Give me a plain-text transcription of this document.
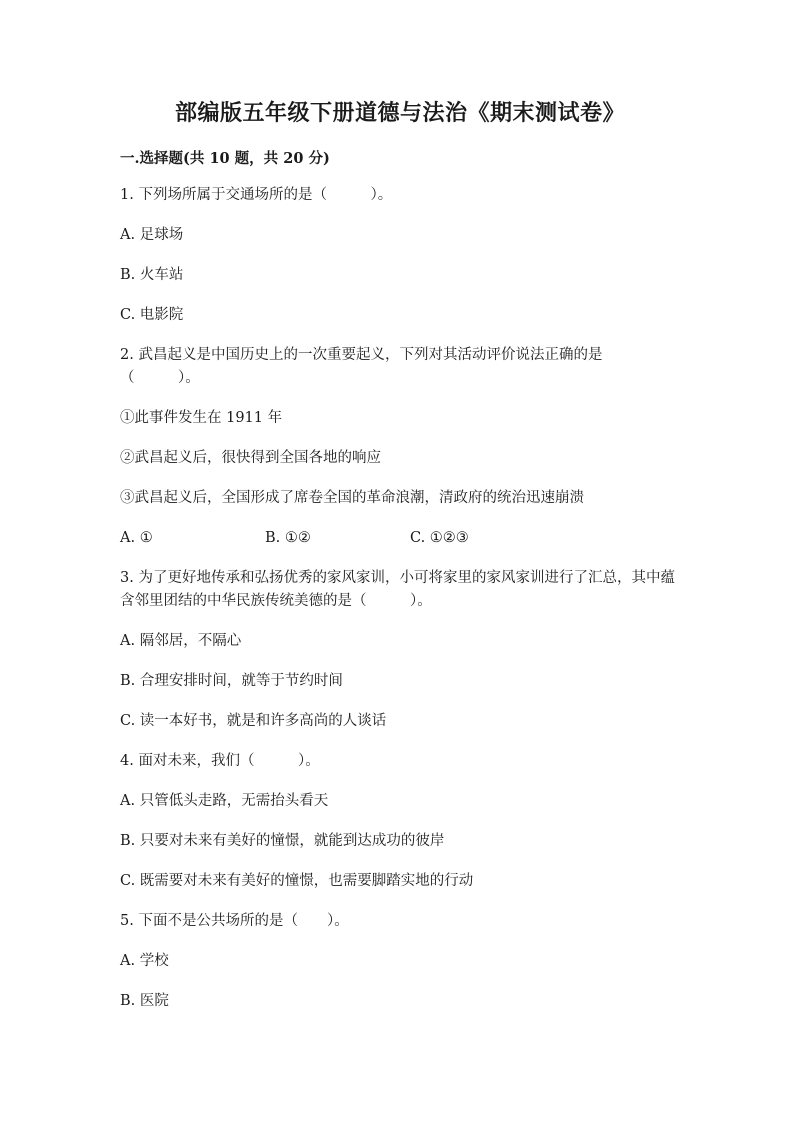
部编版五年级下册道德与法治《期末测试卷》
一.选择题(共 10 题，共 20 分)
1. 下列场所属于交通场所的是（　　　）。
A. 足球场
B. 火车站
C. 电影院
2. 武昌起义是中国历史上的一次重要起义，下列对其活动评价说法正确的是（　　　）。
①此事件发生在 1911 年
②武昌起义后，很快得到全国各地的响应
③武昌起义后，全国形成了席卷全国的革命浪潮，清政府的统治迅速崩溃
A. ①	B. ①②	C. ①②③
3. 为了更好地传承和弘扬优秀的家风家训，小可将家里的家风家训进行了汇总，其中蕴含邻里团结的中华民族传统美德的是（　　　）。
A. 隔邻居，不隔心
B. 合理安排时间，就等于节约时间
C. 读一本好书，就是和许多高尚的人谈话
4. 面对未来，我们（　　　）。
A. 只管低头走路，无需抬头看天
B. 只要对未来有美好的憧憬，就能到达成功的彼岸
C. 既需要对未来有美好的憧憬，也需要脚踏实地的行动
5. 下面不是公共场所的是（　　）。
A. 学校
B. 医院
